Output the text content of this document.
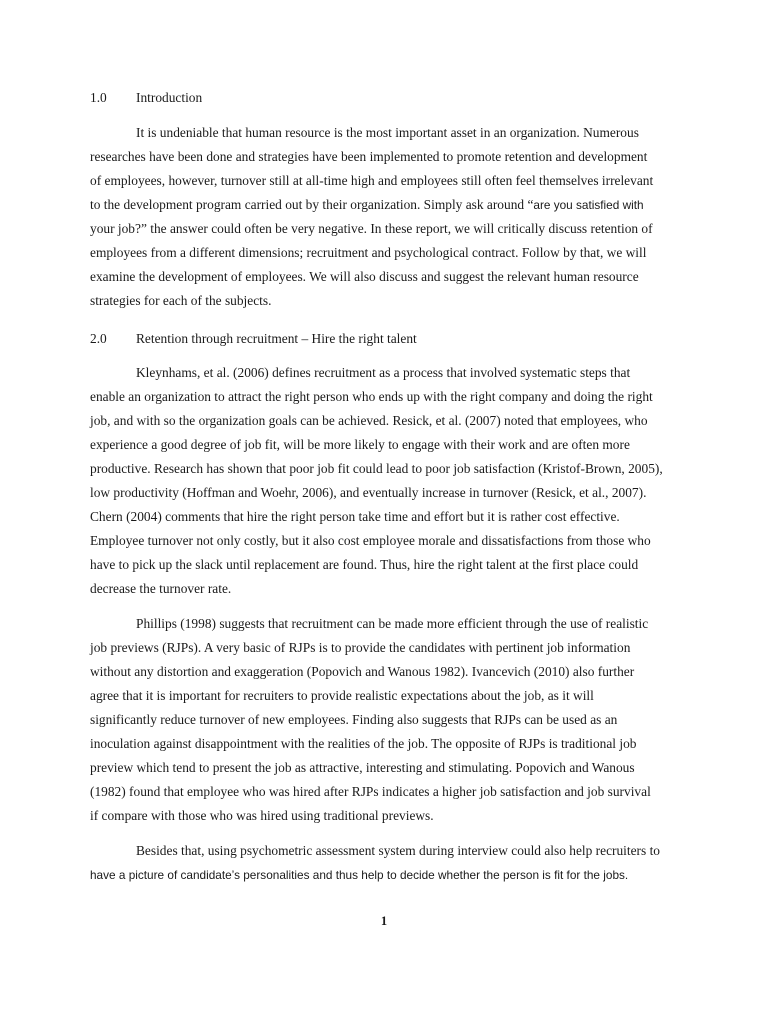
1.0 Introduction
It is undeniable that human resource is the most important asset in an organization. Numerous
researches have been done and strategies have been implemented to promote retention and development
of employees, however, turnover still at all-time high and employees still often feel themselves irrelevant
to the development program carried out by their organization. Simply ask around “are you satisfied with
your job?” the answer could often be very negative. In these report, we will critically discuss retention of
employees from a different dimensions; recruitment and psychological contract. Follow by that, we will
examine the development of employees. We will also discuss and suggest the relevant human resource
strategies for each of the subjects.
2.0 Retention through recruitment – Hire the right talent
Kleynhams, et al. (2006) defines recruitment as a process that involved systematic steps that
enable an organization to attract the right person who ends up with the right company and doing the right
job, and with so the organization goals can be achieved. Resick, et al. (2007) noted that employees, who
experience a good degree of job fit, will be more likely to engage with their work and are often more
productive. Research has shown that poor job fit could lead to poor job satisfaction (Kristof-Brown, 2005),
low productivity (Hoffman and Woehr, 2006), and eventually increase in turnover (Resick, et al., 2007).
Chern (2004) comments that hire the right person take time and effort but it is rather cost effective.
Employee turnover not only costly, but it also cost employee morale and dissatisfactions from those who
have to pick up the slack until replacement are found. Thus, hire the right talent at the first place could
decrease the turnover rate.
Phillips (1998) suggests that recruitment can be made more efficient through the use of realistic
job previews (RJPs). A very basic of RJPs is to provide the candidates with pertinent job information
without any distortion and exaggeration (Popovich and Wanous 1982). Ivancevich (2010) also further
agree that it is important for recruiters to provide realistic expectations about the job, as it will
significantly reduce turnover of new employees. Finding also suggests that RJPs can be used as an
inoculation against disappointment with the realities of the job. The opposite of RJPs is traditional job
preview which tend to present the job as attractive, interesting and stimulating. Popovich and Wanous
(1982) found that employee who was hired after RJPs indicates a higher job satisfaction and job survival
if compare with those who was hired using traditional previews.
Besides that, using psychometric assessment system during interview could also help recruiters to
have a picture of candidate’s personalities and thus help to decide whether the person is fit for the jobs.
1
